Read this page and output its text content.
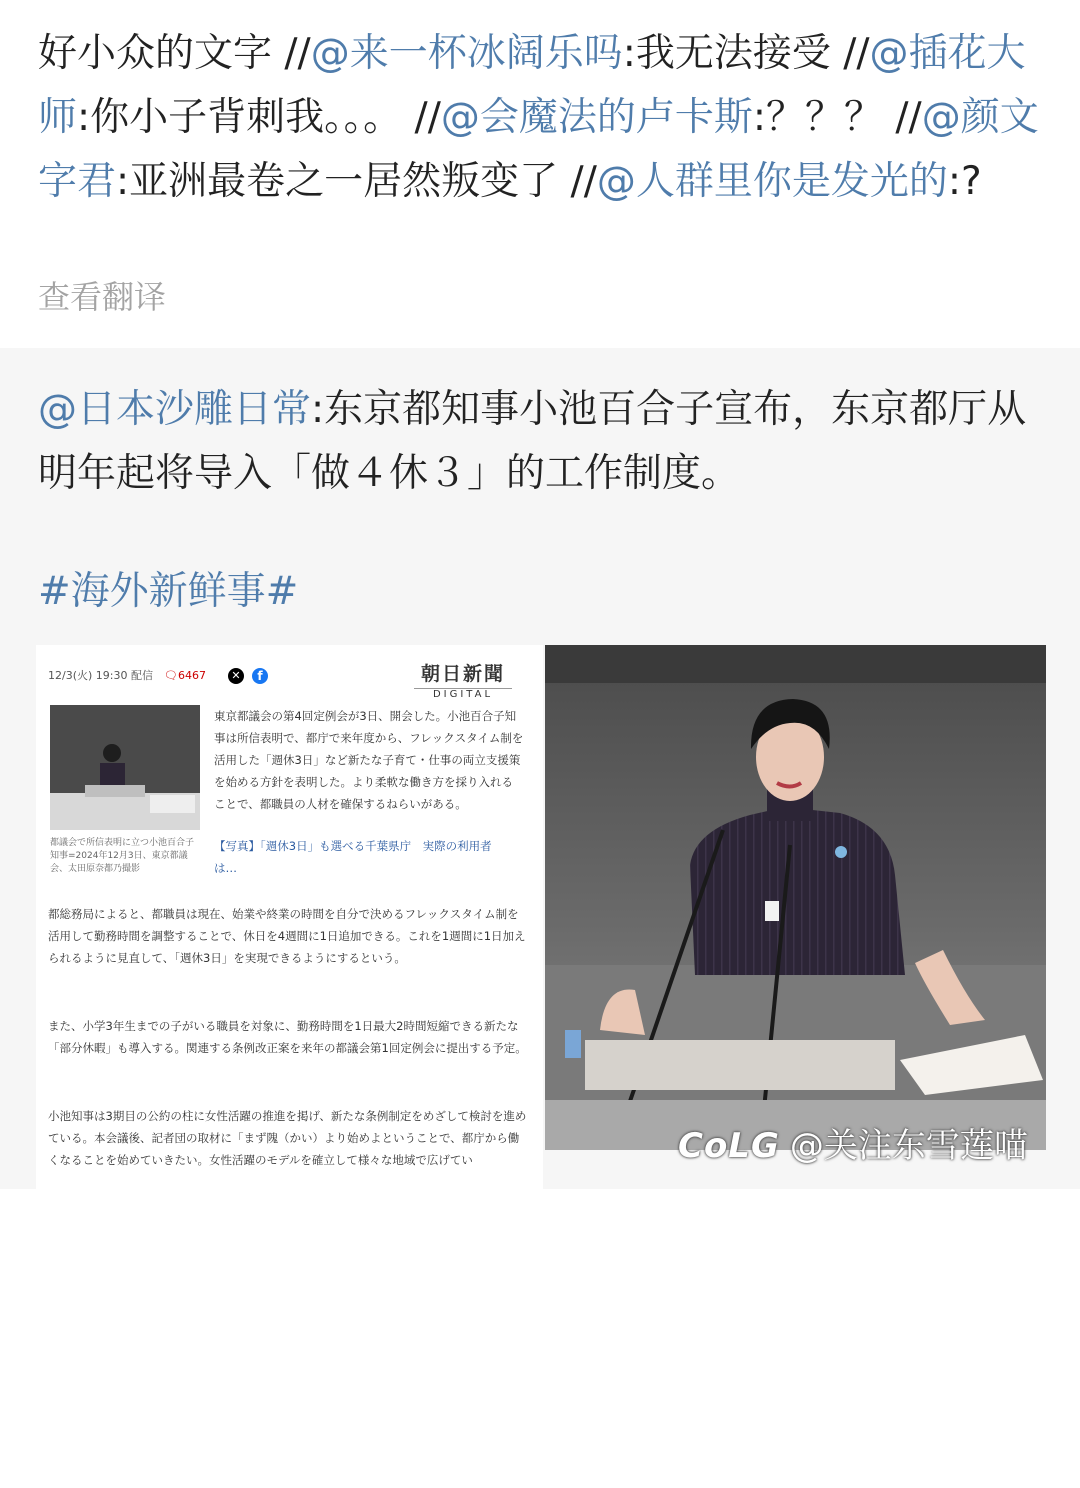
好小众的文字 //@来一杯冰阔乐吗:我无法接受 //@插花大师:你小子背刺我。。。 //@会魔法的卢卡斯:？？？ //@颜文字君:亚洲最卷之一居然叛变了 //@人群里你是发光的:?
查看翻译
@日本沙雕日常:东京都知事小池百合子宣布，东京都厅从明年起将导入「做４休３」的工作制度。
#海外新鲜事#
12/3(火) 19:30 配信　 🗨6467	✕	f	朝日新聞
DIGITAL
都議会で所信表明に立つ小池百合子知事=2024年12月3日、東京都議会、太田原奈都乃撮影
東京都議会の第4回定例会が3日、開会した。小池百合子知事は所信表明で、都庁で来年度から、フレックスタイム制を活用した「週休3日」など新たな子育て・仕事の両立支援策を始める方針を表明した。より柔軟な働き方を採り入れることで、都職員の人材を確保するねらいがある。
【写真】「週休3日」も選べる千葉県庁　実際の利用者は…
都総務局によると、都職員は現在、始業や終業の時間を自分で決めるフレックスタイム制を活用して勤務時間を調整することで、休日を4週間に1日追加できる。これを1週間に1日加えられるように見直して、「週休3日」を実現できるようにするという。
また、小学3年生までの子がいる職員を対象に、勤務時間を1日最大2時間短縮できる新たな「部分休暇」も導入する。関連する条例改正案を来年の都議会第1回定例会に提出する予定。
小池知事は3期目の公約の柱に女性活躍の推進を掲げ、新たな条例制定をめざして検討を進めている。本会議後、記者団の取材に「まず隗（かい）より始めよということで、都庁から働くなることを始めていきたい。女性活躍のモデルを確立して様々な地域で広げてい	CoLG @关注东雪莲喵
